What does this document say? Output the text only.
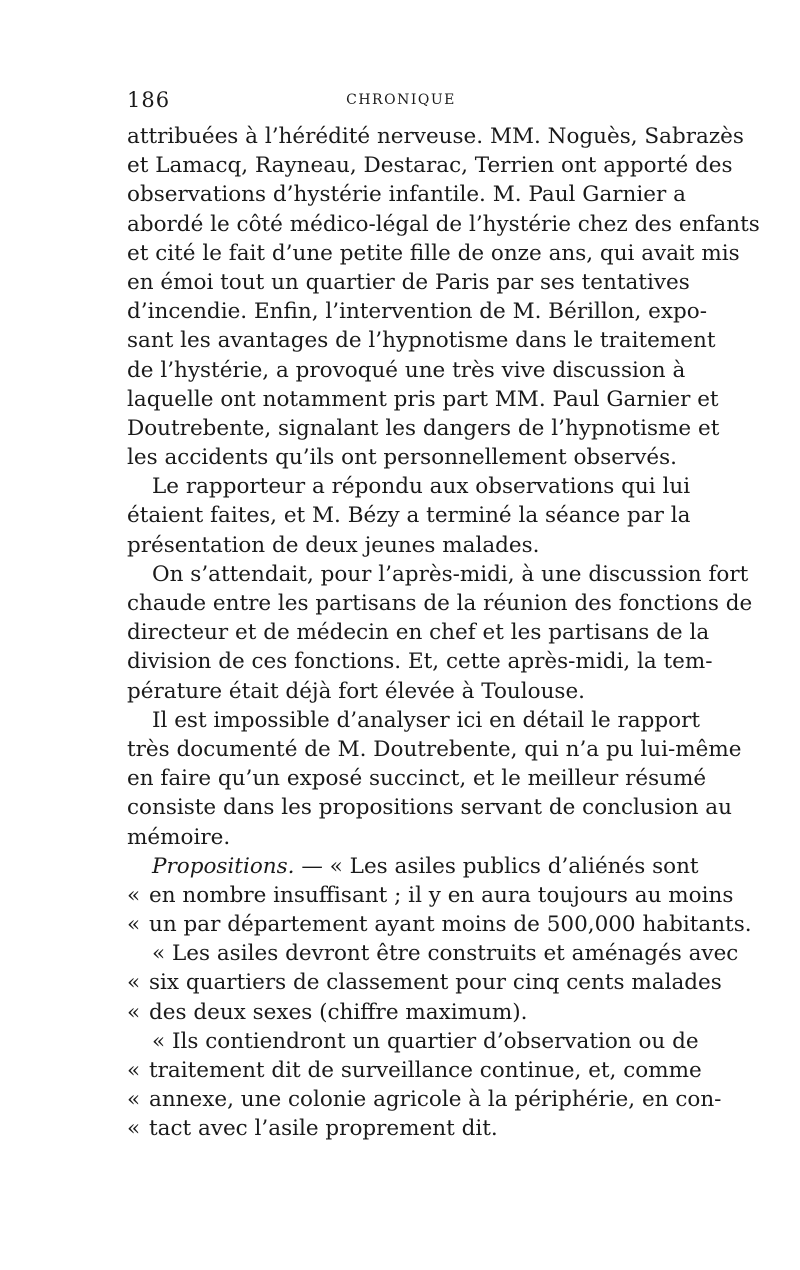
186	CHRONIQUE
attribuées à l’hérédité nerveuse. MM. Noguès, Sabrazès
et Lamacq, Rayneau, Destarac, Terrien ont apporté des
observations d’hystérie infantile. M. Paul Garnier a
abordé le côté médico-légal de l’hystérie chez des enfants
et cité le fait d’une petite fille de onze ans, qui avait mis
en émoi tout un quartier de Paris par ses tentatives
d’incendie. Enfin, l’intervention de M. Bérillon, expo-
sant les avantages de l’hypnotisme dans le traitement
de l’hystérie, a provoqué une très vive discussion à
laquelle ont notamment pris part MM. Paul Garnier et
Doutrebente, signalant les dangers de l’hypnotisme et
les accidents qu’ils ont personnellement observés.
Le rapporteur a répondu aux observations qui lui
étaient faites, et M. Bézy a terminé la séance par la
présentation de deux jeunes malades.
On s’attendait, pour l’après-midi, à une discussion fort
chaude entre les partisans de la réunion des fonctions de
directeur et de médecin en chef et les partisans de la
division de ces fonctions. Et, cette après-midi, la tem-
pérature était déjà fort élevée à Toulouse.
Il est impossible d’analyser ici en détail le rapport
très documenté de M. Doutrebente, qui n’a pu lui-même
en faire qu’un exposé succinct, et le meilleur résumé
consiste dans les propositions servant de conclusion au
mémoire.
Propositions. — « Les asiles publics d’aliénés sont
« en nombre insuffisant ; il y en aura toujours au moins
« un par département ayant moins de 500,000 habitants.
« Les asiles devront être construits et aménagés avec
« six quartiers de classement pour cinq cents malades
« des deux sexes (chiffre maximum).
« Ils contiendront un quartier d’observation ou de
« traitement dit de surveillance continue, et, comme
« annexe, une colonie agricole à la périphérie, en con-
« tact avec l’asile proprement dit.
